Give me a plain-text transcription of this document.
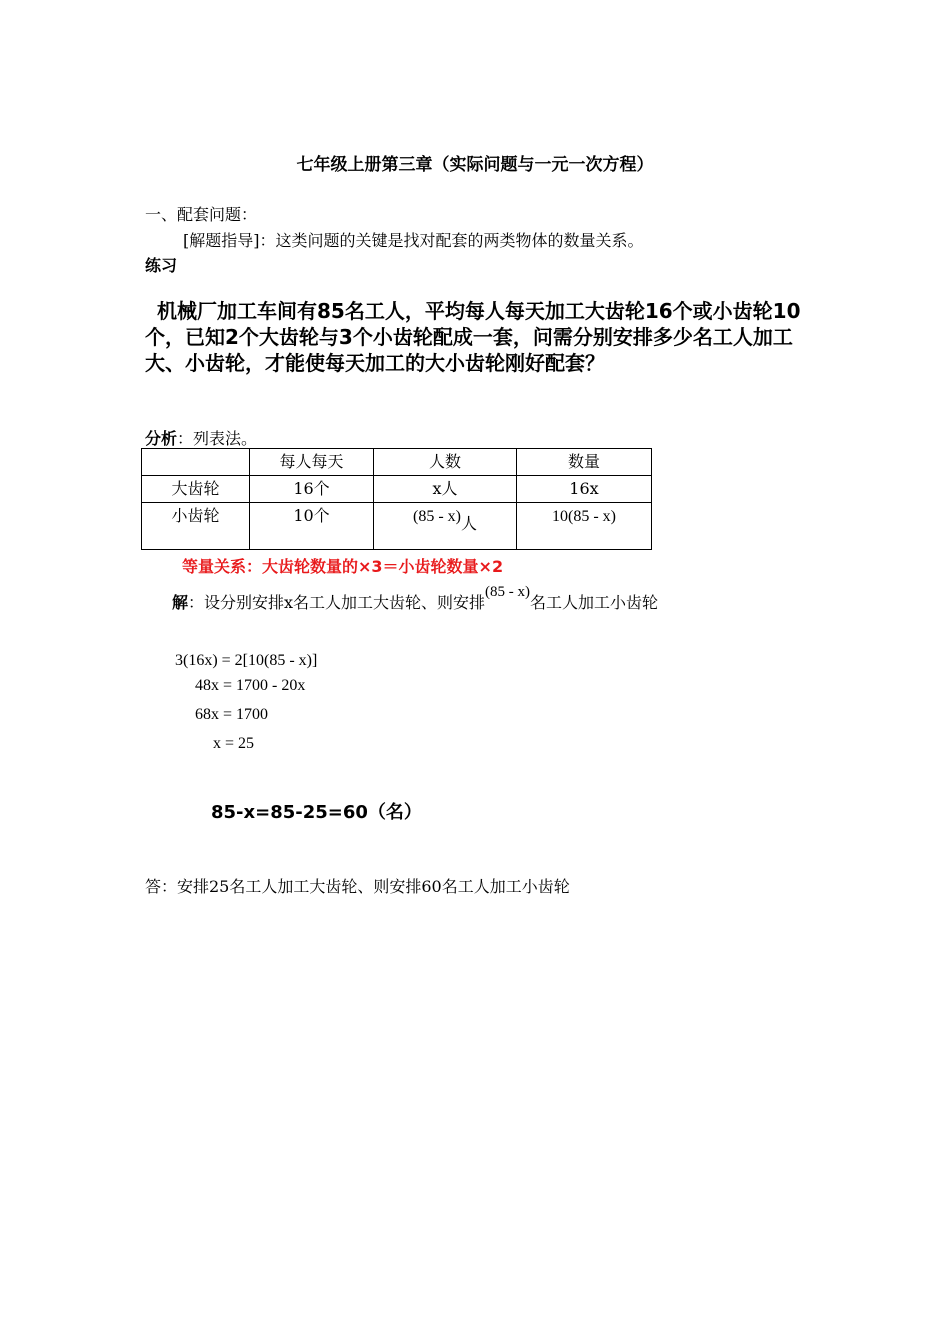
七年级上册第三章（实际问题与一元一次方程）
一、配套问题：
[解题指导]：这类问题的关键是找对配套的两类物体的数量关系。
练习
机械厂加工车间有85名工人，平均每人每天加工大齿轮16个或小齿轮10个，已知2个大齿轮与3个小齿轮配成一套，问需分别安排多少名工人加工大、小齿轮，才能使每天加工的大小齿轮刚好配套？
分析：列表法。
	每人每天	人数	数量
大齿轮	16个	x人	16x
小齿轮	10个	(85 - x)人	10(85 - x)
等量关系：大齿轮数量的×3＝小齿轮数量×2
解：设分别安排x名工人加工大齿轮、则安排(85 - x)名工人加工小齿轮
3(16x) = 2[10(85 - x)]
48x = 1700 - 20x
68x = 1700
x = 25
85-x=85-25=60（名）
答：安排25名工人加工大齿轮、则安排60名工人加工小齿轮
